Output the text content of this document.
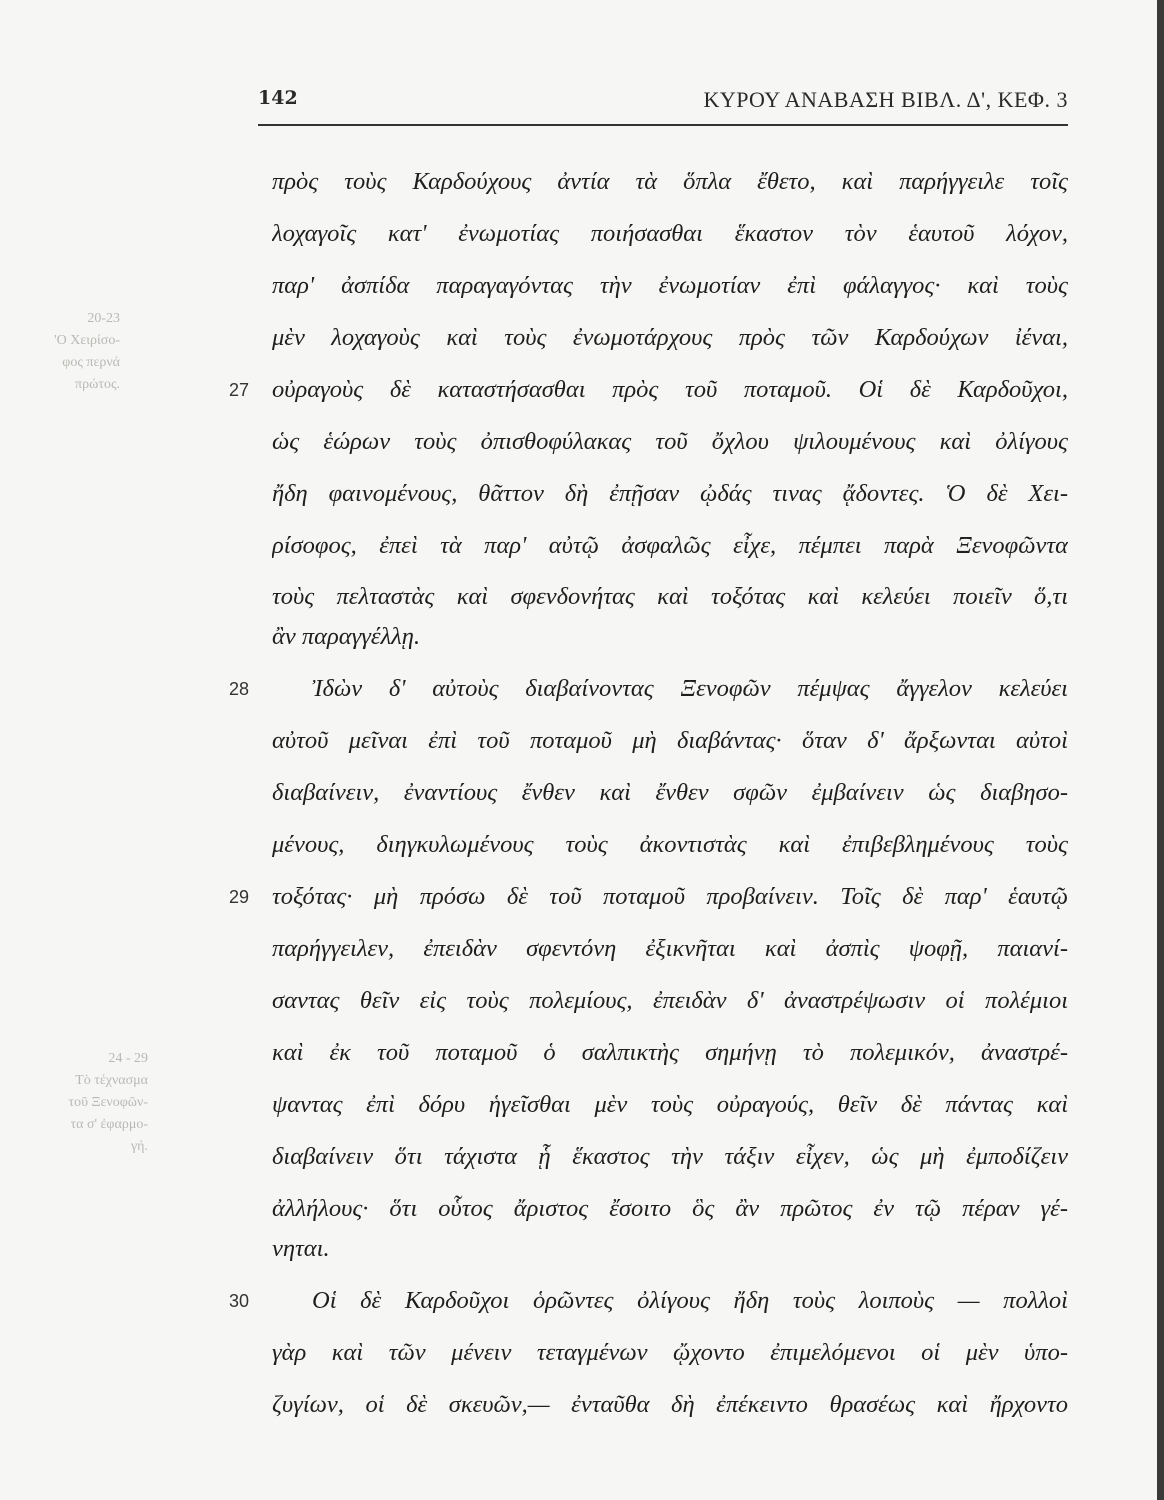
20-23
'Ο Χειρίσο-
φος περνά
πρώτος.
24 - 29
Τὸ τέχνασμα
τοῦ Ξενοφῶν-
τα σ' ἐφαρμο-
γή.
142	ΚΥΡΟΥ ΑΝΑΒΑΣΗ ΒΙΒΛ. Δ', ΚΕΦ. 3
πρὸς τοὺς Καρδούχους ἀντία τὰ ὅπλα ἔθετο, καὶ παρήγγειλε τοῖς
λοχαγοῖς κατ' ἐνωμοτίας ποιήσασθαι ἕκαστον τὸν ἑαυτοῦ λόχον,
παρ' ἀσπίδα παραγαγόντας τὴν ἐνωμοτίαν ἐπὶ φάλαγγος· καὶ τοὺς
μὲν λοχαγοὺς καὶ τοὺς ἐνωμοτάρχους πρὸς τῶν Καρδούχων ἰέναι,
27 οὐραγοὺς δὲ καταστήσασθαι πρὸς τοῦ ποταμοῦ. Οἱ δὲ Καρδοῦχοι,
ὡς ἑώρων τοὺς ὀπισθοφύλακας τοῦ ὄχλου ψιλουμένους καὶ ὀλίγους
ἤδη φαινομένους, θᾶττον δὴ ἐπῇσαν ᾠδάς τινας ᾄδοντες. Ὁ δὲ Χει-
ρίσοφος, ἐπεὶ τὰ παρ' αὐτῷ ἀσφαλῶς εἶχε, πέμπει παρὰ Ξενοφῶντα
τοὺς πελταστὰς καὶ σφενδονήτας καὶ τοξότας καὶ κελεύει ποιεῖν ὅ,τι
ἂν παραγγέλλῃ.
28	Ἰδὼν δ' αὐτοὺς διαβαίνοντας Ξενοφῶν πέμψας ἄγγελον κελεύει
αὐτοῦ μεῖναι ἐπὶ τοῦ ποταμοῦ μὴ διαβάντας· ὅταν δ' ἄρξωνται αὐτοὶ
διαβαίνειν, ἐναντίους ἔνθεν καὶ ἔνθεν σφῶν ἐμβαίνειν ὡς διαβησο-
μένους, διηγκυλωμένους τοὺς ἀκοντιστὰς καὶ ἐπιβεβλημένους τοὺς
29 τοξότας· μὴ πρόσω δὲ τοῦ ποταμοῦ προβαίνειν. Τοῖς δὲ παρ' ἑαυτῷ
παρήγγειλεν, ἐπειδὰν σφεντόνη ἐξικνῆται καὶ ἀσπὶς ψοφῇ, παιανί-
σαντας θεῖν εἰς τοὺς πολεμίους, ἐπειδὰν δ' ἀναστρέψωσιν οἱ πολέμιοι
καὶ ἐκ τοῦ ποταμοῦ ὁ σαλπικτὴς σημήνῃ τὸ πολεμικόν, ἀναστρέ-
ψαντας ἐπὶ δόρυ ἡγεῖσθαι μὲν τοὺς οὐραγούς, θεῖν δὲ πάντας καὶ
διαβαίνειν ὅτι τάχιστα ᾗ ἕκαστος τὴν τάξιν εἶχεν, ὡς μὴ ἐμποδίζειν
ἀλλήλους· ὅτι οὗτος ἄριστος ἔσοιτο ὃς ἂν πρῶτος ἐν τῷ πέραν γέ-
νηται.
30	Οἱ δὲ Καρδοῦχοι ὁρῶντες ὀλίγους ἤδη τοὺς λοιποὺς — πολλοὶ
γὰρ καὶ τῶν μένειν τεταγμένων ᾤχοντο ἐπιμελόμενοι οἱ μὲν ὑπο-
ζυγίων, οἱ δὲ σκευῶν,— ἐνταῦθα δὴ ἐπέκειντο θρασέως καὶ ἤρχοντο
